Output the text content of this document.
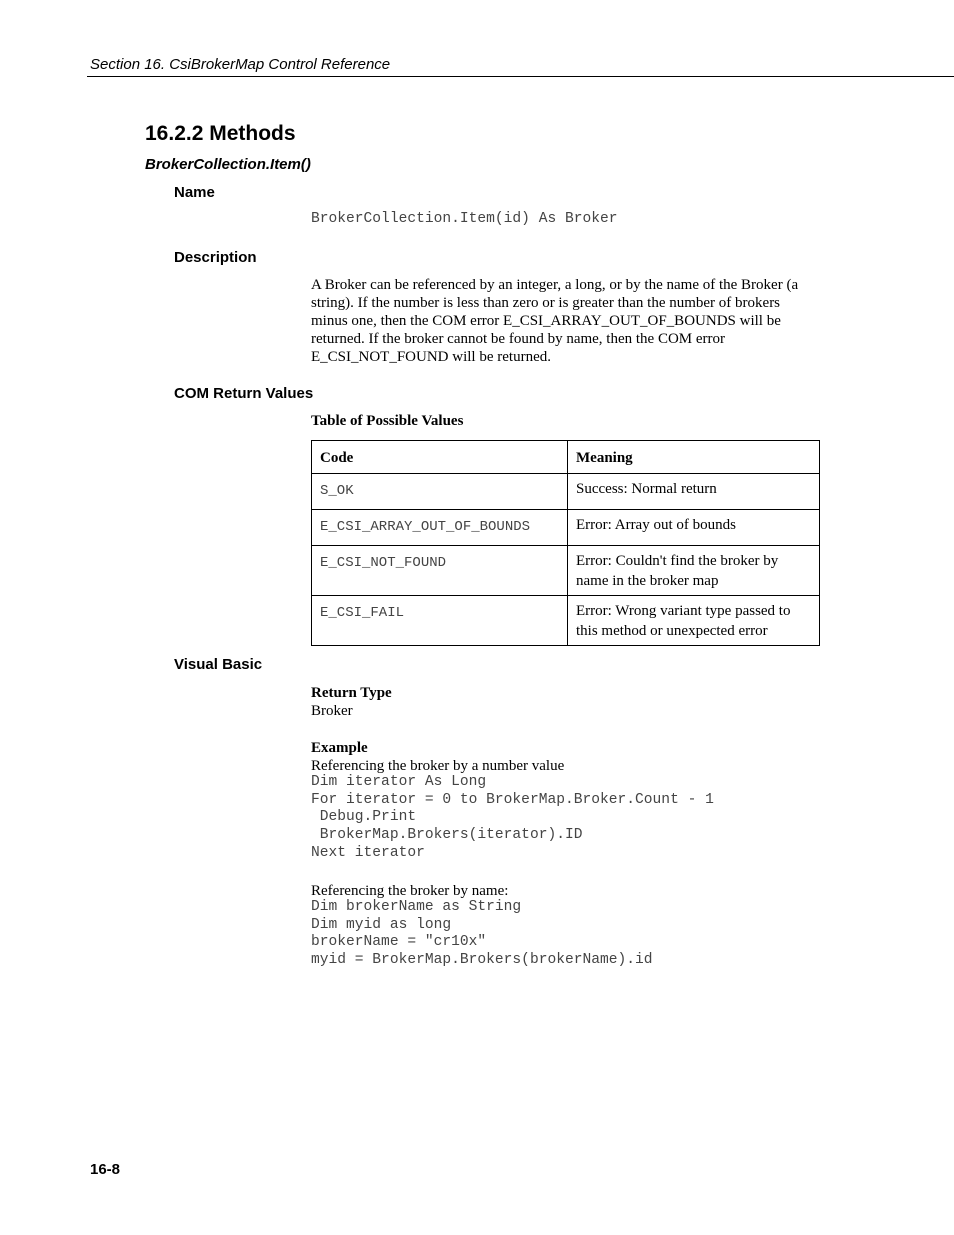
Section 16. CsiBrokerMap Control Reference
16.2.2 Methods
BrokerCollection.Item()
Name
BrokerCollection.Item(id) As Broker
Description

A Broker can be referenced by an integer, a long, or by the name of the Broker (a string). If the number is less than zero or is greater than the number of brokers minus one, then the COM error E_CSI_ARRAY_OUT_OF_BOUNDS will be returned. If the broker cannot be found by name, then the COM error E_CSI_NOT_FOUND will be returned.

COM Return Values
Table of Possible Values
Code	Meaning
S_OK	Success: Normal return
E_CSI_ARRAY_OUT_OF_BOUNDS	Error: Array out of bounds
E_CSI_NOT_FOUND	Error: Couldn't find the broker by name in the broker map
E_CSI_FAIL	Error: Wrong variant type passed to this method or unexpected error
Visual Basic
Return Type
Broker
Example
Referencing the broker by a number value
Dim iterator As Long
For iterator = 0 to BrokerMap.Broker.Count - 1
Debug.Print
BrokerMap.Brokers(iterator).ID
Next iterator
Referencing the broker by name:
Dim brokerName as String
Dim myid as long
brokerName = "cr10x"
myid = BrokerMap.Brokers(brokerName).id
16-8
